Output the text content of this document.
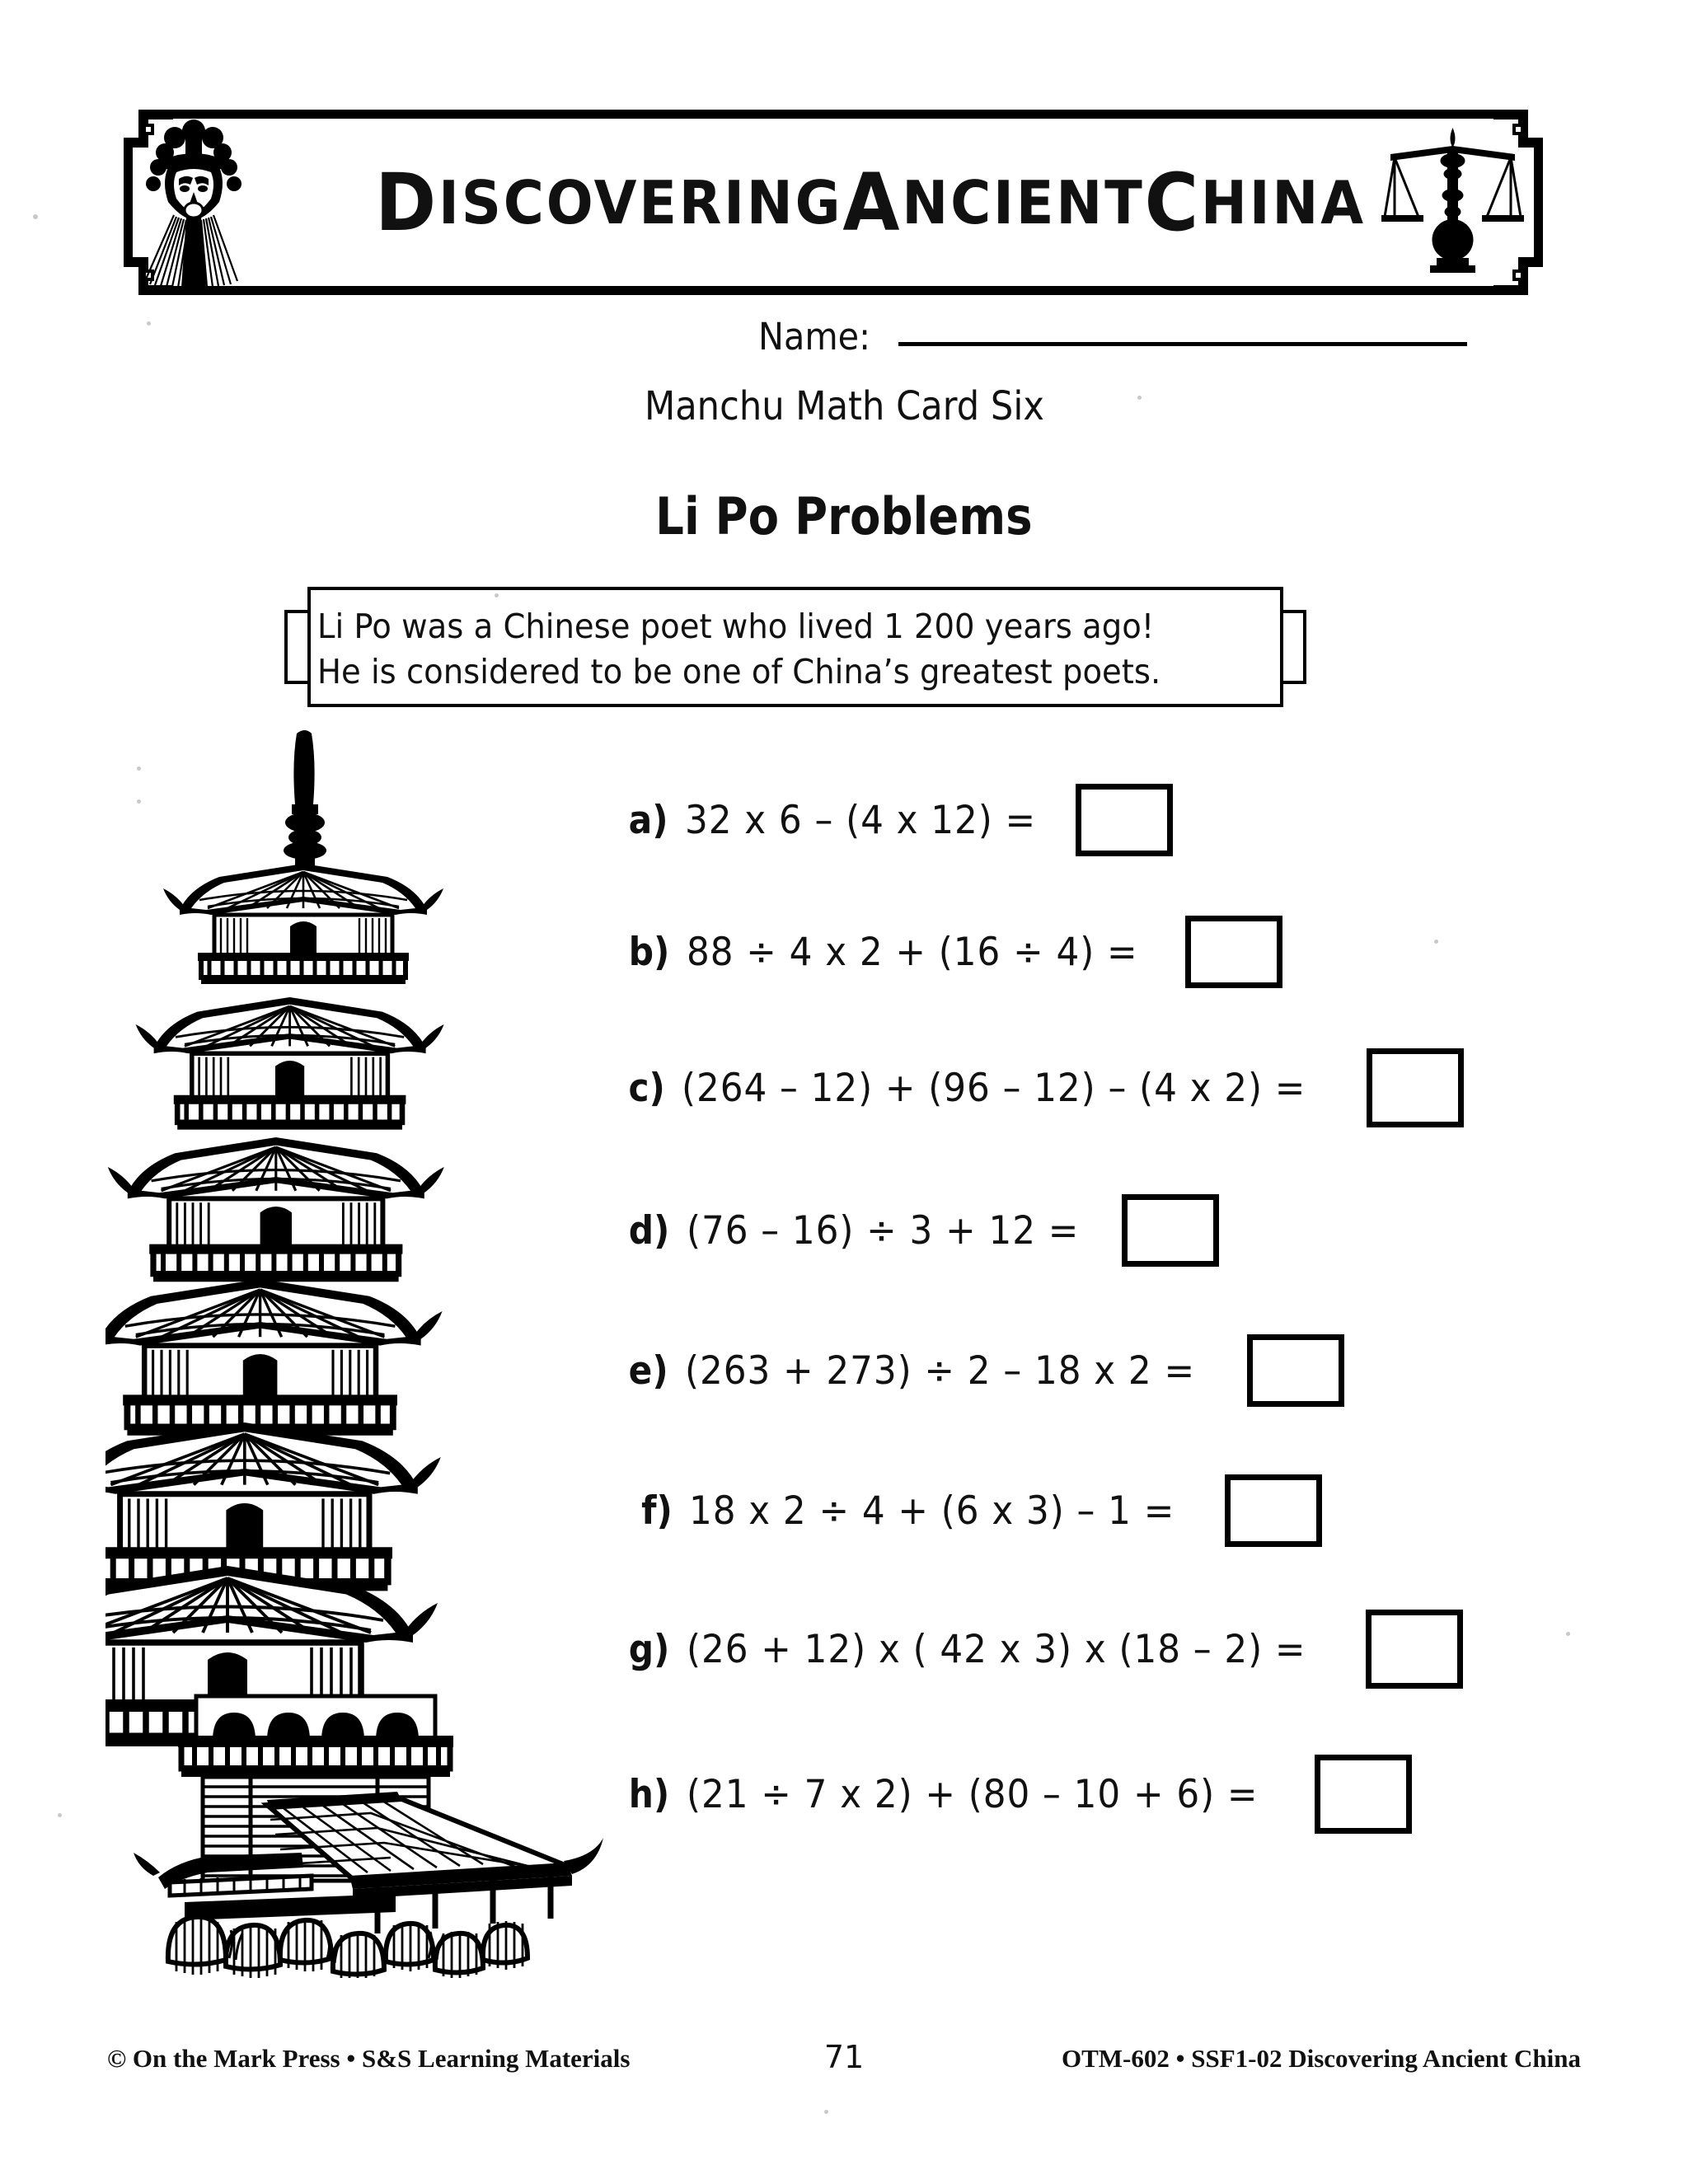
D ISCOVERING A NCIENT C HINA
Name:
Manchu Math Card Six
Li Po Problems
Li Po was a Chinese poet who lived 1 200 years ago!
He is considered to be one of China’s greatest poets.
a) 32 x 6 – (4 x 12) =
b) 88 ÷ 4 x 2 + (16 ÷ 4) =
c) (264 – 12) + (96 – 12) – (4 x 2) =
d) (76 – 16) ÷ 3 + 12 =
e) (263 + 273) ÷ 2 – 18 x 2 =
f) 18 x 2 ÷ 4 + (6 x 3) – 1 =
g) (26 + 12) x ( 42 x 3) x (18 – 2) =
h) (21 ÷ 7 x 2) + (80 – 10 + 6) =
© On the Mark Press • S&S Learning Materials	71	OTM-602 • SSF1-02 Discovering Ancient China
